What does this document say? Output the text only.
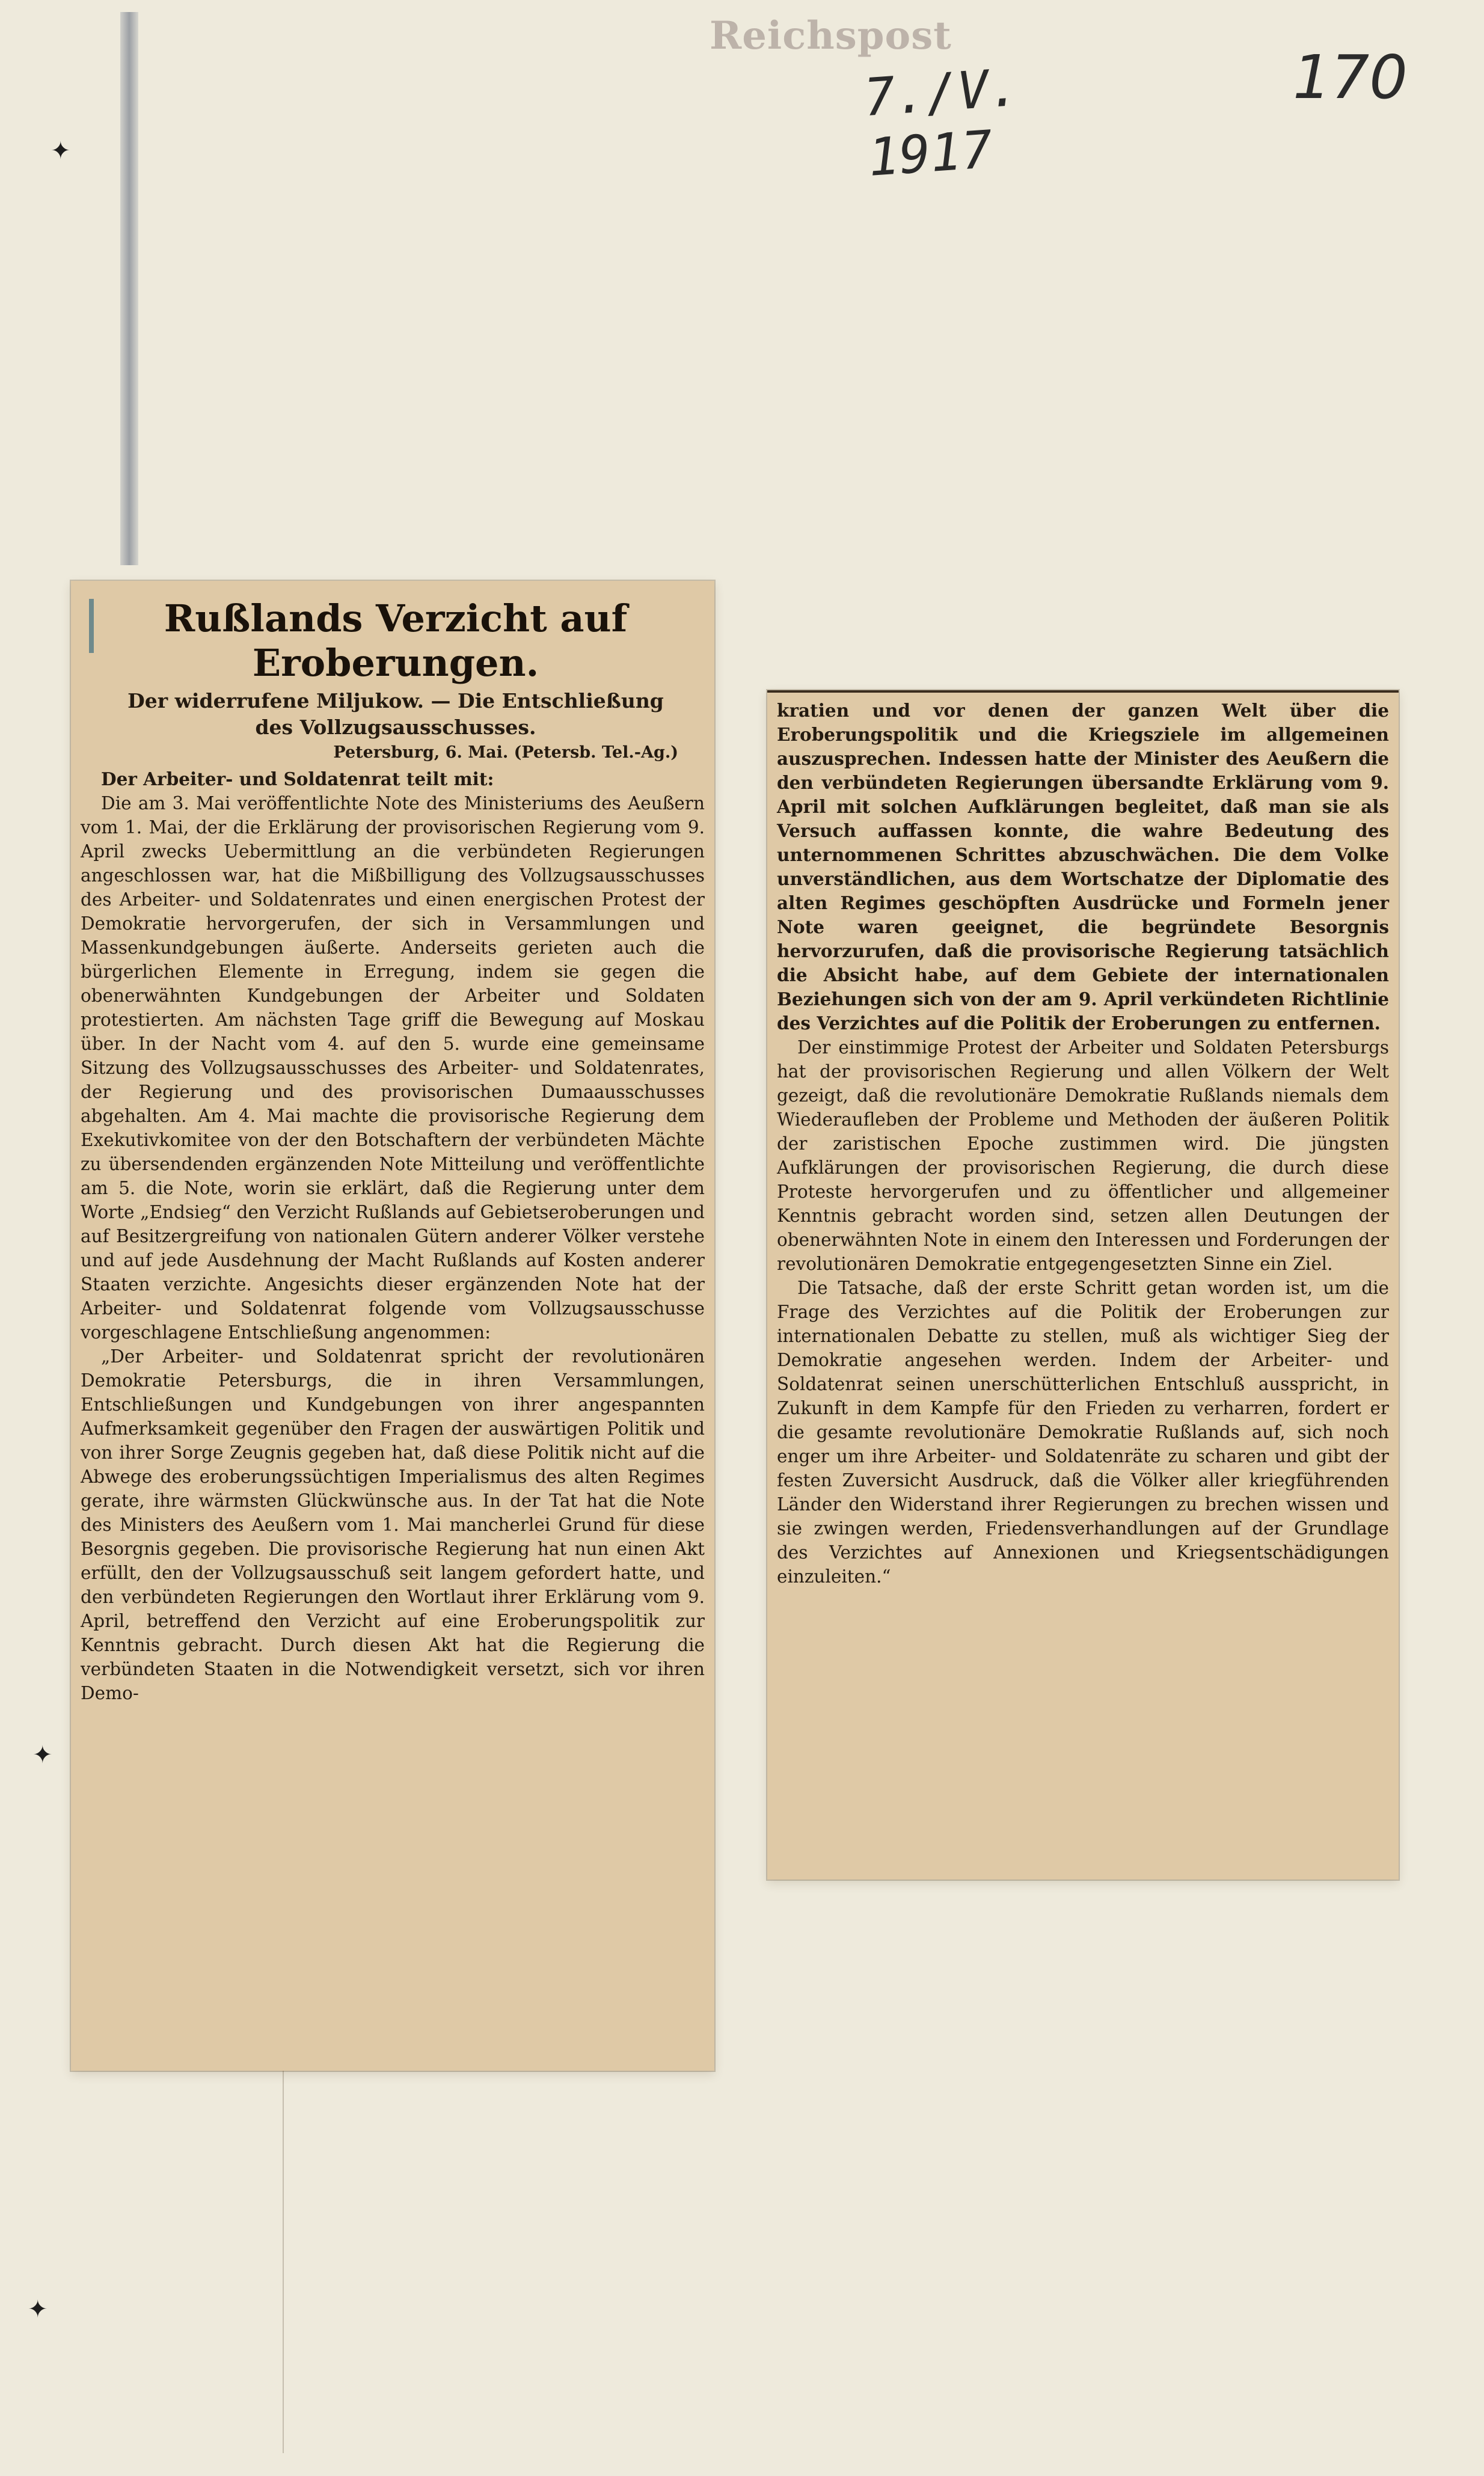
Reichspost
7./V. 1917
170
✦
✦
✦
Rußlands Verzicht auf Eroberungen.
Der widerrufene Miljukow. — Die Entschließung des Vollzugsausschusses.
Petersburg, 6. Mai. (Petersb. Tel.-Ag.)

Der Arbeiter- und Soldatenrat teilt mit:

Die am 3. Mai veröffentlichte Note des Ministeriums des Aeußern vom 1. Mai, der die Erklärung der provisorischen Regierung vom 9. April zwecks Uebermittlung an die verbündeten Regierungen angeschlossen war, hat die Mißbilligung des Vollzugsausschusses des Arbeiter- und Soldatenrates und einen energischen Protest der Demokratie hervorgerufen, der sich in Versammlungen und Massenkundgebungen äußerte. Anderseits gerieten auch die bürgerlichen Elemente in Erregung, indem sie gegen die obenerwähnten Kundgebungen der Arbeiter und Soldaten protestierten. Am nächsten Tage griff die Bewegung auf Moskau über. In der Nacht vom 4. auf den 5. wurde eine gemeinsame Sitzung des Vollzugsausschusses des Arbeiter- und Soldatenrates, der Regierung und des provisorischen Dumaausschusses abgehalten. Am 4. Mai machte die provisorische Regierung dem Exekutivkomitee von der den Botschaftern der verbündeten Mächte zu übersendenden ergänzenden Note Mitteilung und veröffentlichte am 5. die Note, worin sie erklärt, daß die Regierung unter dem Worte „Endsieg“ den Verzicht Rußlands auf Gebietseroberungen und auf Besitzergreifung von nationalen Gütern anderer Völker verstehe und auf jede Ausdehnung der Macht Rußlands auf Kosten anderer Staaten verzichte. Angesichts dieser ergänzenden Note hat der Arbeiter- und Soldatenrat folgende vom Vollzugsausschusse vorgeschlagene Entschließung angenommen:

„Der Arbeiter- und Soldatenrat spricht der revolutionären Demokratie Petersburgs, die in ihren Versammlungen, Entschließungen und Kundgebungen von ihrer angespannten Aufmerksamkeit gegenüber den Fragen der auswärtigen Politik und von ihrer Sorge Zeugnis gegeben hat, daß diese Politik nicht auf die Abwege des eroberungssüchtigen Imperialismus des alten Regimes gerate, ihre wärmsten Glückwünsche aus. In der Tat hat die Note des Ministers des Aeußern vom 1. Mai mancherlei Grund für diese Besorgnis gegeben. Die provisorische Regierung hat nun einen Akt erfüllt, den der Vollzugsausschuß seit langem gefordert hatte, und den verbündeten Regierungen den Wortlaut ihrer Erklärung vom 9. April, betreffend den Verzicht auf eine Eroberungspolitik zur Kenntnis gebracht. Durch diesen Akt hat die Regierung die verbündeten Staaten in die Notwendigkeit versetzt, sich vor ihren Demo-

kratien und vor denen der ganzen Welt über die Eroberungspolitik und die Kriegsziele im allgemeinen auszusprechen. Indessen hatte der Minister des Aeußern die den verbündeten Regierungen übersandte Erklärung vom 9. April mit solchen Aufklärungen begleitet, daß man sie als Versuch auffassen konnte, die wahre Bedeutung des unternommenen Schrittes abzuschwächen. Die dem Volke unverständlichen, aus dem Wortschatze der Diplomatie des alten Regimes geschöpften Ausdrücke und Formeln jener Note waren geeignet, die begründete Besorgnis hervorzurufen, daß die provisorische Regierung tatsächlich die Absicht habe, auf dem Gebiete der internationalen Beziehungen sich von der am 9. April verkündeten Richtlinie des Verzichtes auf die Politik der Eroberungen zu entfernen.

Der einstimmige Protest der Arbeiter und Soldaten Petersburgs hat der provisorischen Regierung und allen Völkern der Welt gezeigt, daß die revolutionäre Demokratie Rußlands niemals dem Wiederaufleben der Probleme und Methoden der äußeren Politik der zaristischen Epoche zustimmen wird. Die jüngsten Aufklärungen der provisorischen Regierung, die durch diese Proteste hervorgerufen und zu öffentlicher und allgemeiner Kenntnis gebracht worden sind, setzen allen Deutungen der obenerwähnten Note in einem den Interessen und Forderungen der revolutionären Demokratie entgegengesetzten Sinne ein Ziel.

Die Tatsache, daß der erste Schritt getan worden ist, um die Frage des Verzichtes auf die Politik der Eroberungen zur internationalen Debatte zu stellen, muß als wichtiger Sieg der Demokratie angesehen werden. Indem der Arbeiter- und Soldatenrat seinen unerschütterlichen Entschluß ausspricht, in Zukunft in dem Kampfe für den Frieden zu verharren, fordert er die gesamte revolutionäre Demokratie Rußlands auf, sich noch enger um ihre Arbeiter- und Soldatenräte zu scharen und gibt der festen Zuversicht Ausdruck, daß die Völker aller kriegführenden Länder den Widerstand ihrer Regierungen zu brechen wissen und sie zwingen werden, Friedensverhandlungen auf der Grundlage des Verzichtes auf Annexionen und Kriegsentschädigungen einzuleiten.“
